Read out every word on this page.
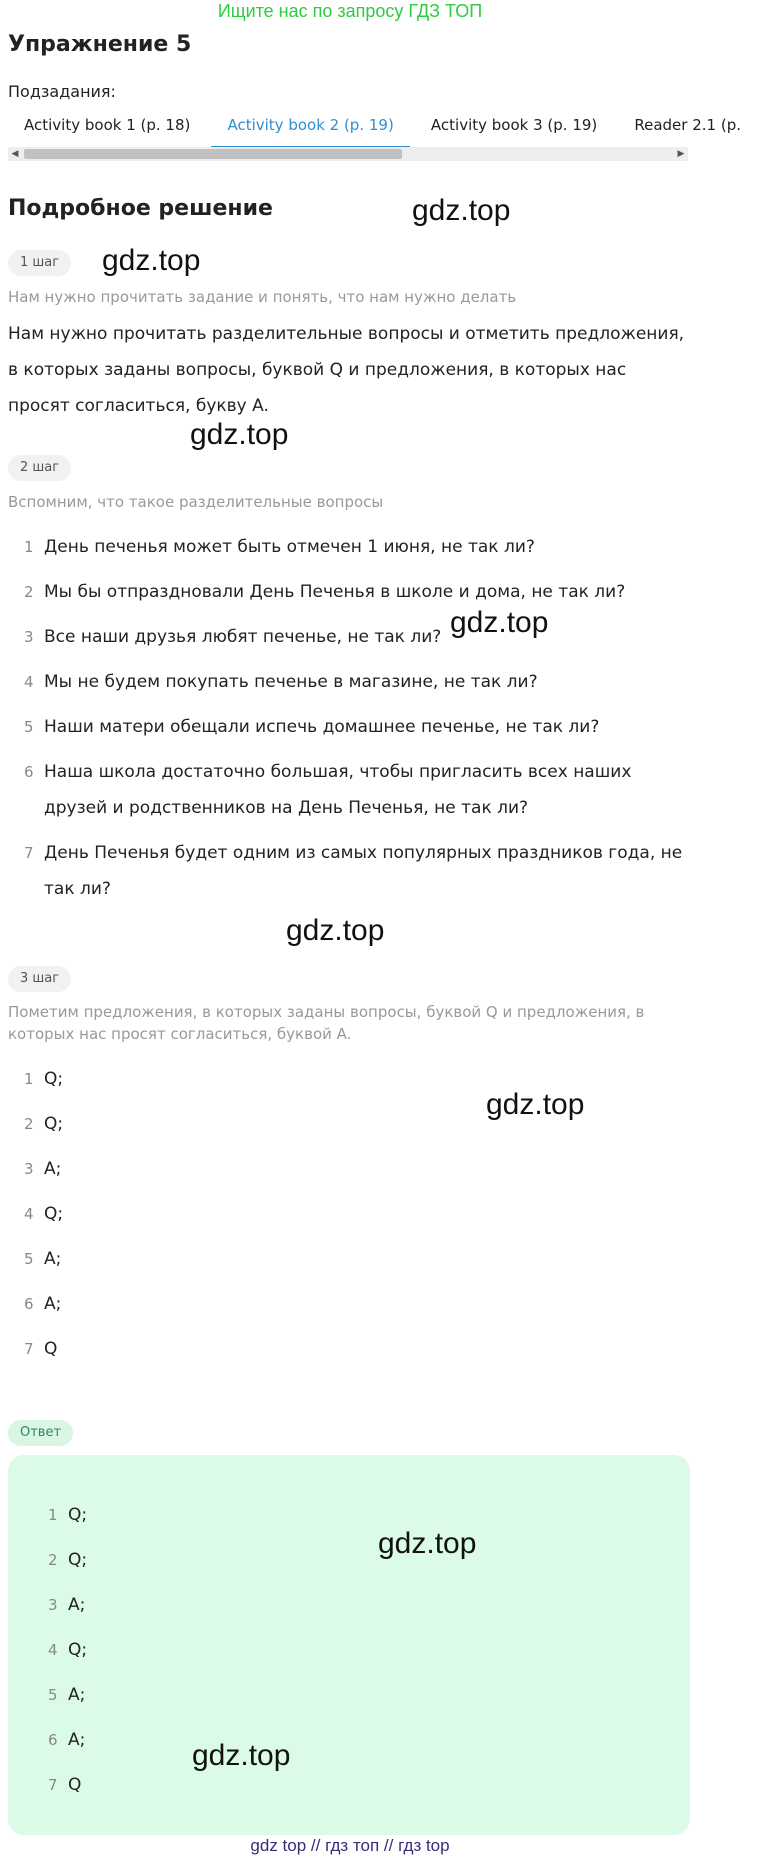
Ищите нас по запросу ГДЗ ТОП
Упражнение 5
Подзадания:
Activity book 1 (p. 18) Activity book 2 (p. 19) Activity book 3 (p. 19) Reader 2.1 (p.
◀	▶
Подробное решение	gdz.top
gdz.top
gdz.top
gdz.top
gdz.top
gdz.top
1 шаг
Нам нужно прочитать задание и понять, что нам нужно делать
Нам нужно прочитать разделительные вопросы и отметить предложения, в которых заданы вопросы, буквой Q и предложения, в которых нас просят согласиться, букву A.
2 шаг
Вспомним, что такое разделительные вопросы
1 День печенья может быть отмечен 1 июня, не так ли?
2 Мы бы отпраздновали День Печенья в школе и дома, не так ли?
3 Все наши друзья любят печенье, не так ли?
4 Мы не будем покупать печенье в магазине, не так ли?
5 Наши матери обещали испечь домашнее печенье, не так ли?
6 Наша школа достаточно большая, чтобы пригласить всех наших друзей и родственников на День Печенья, не так ли?
7 День Печенья будет одним из самых популярных праздников года, не так ли?
3 шаг
Пометим предложения, в которых заданы вопросы, буквой Q и предложения, в которых нас просят согласиться, буквой A.
1 Q;
2 Q;
3 A;
4 Q;
5 A;
6 A;
7 Q
Ответ
1 Q;
2 Q;
3 A;
4 Q;
5 A;
6 A;
7 Q
gdz.top
gdz.top
gdz top // гдз топ // гдз top
